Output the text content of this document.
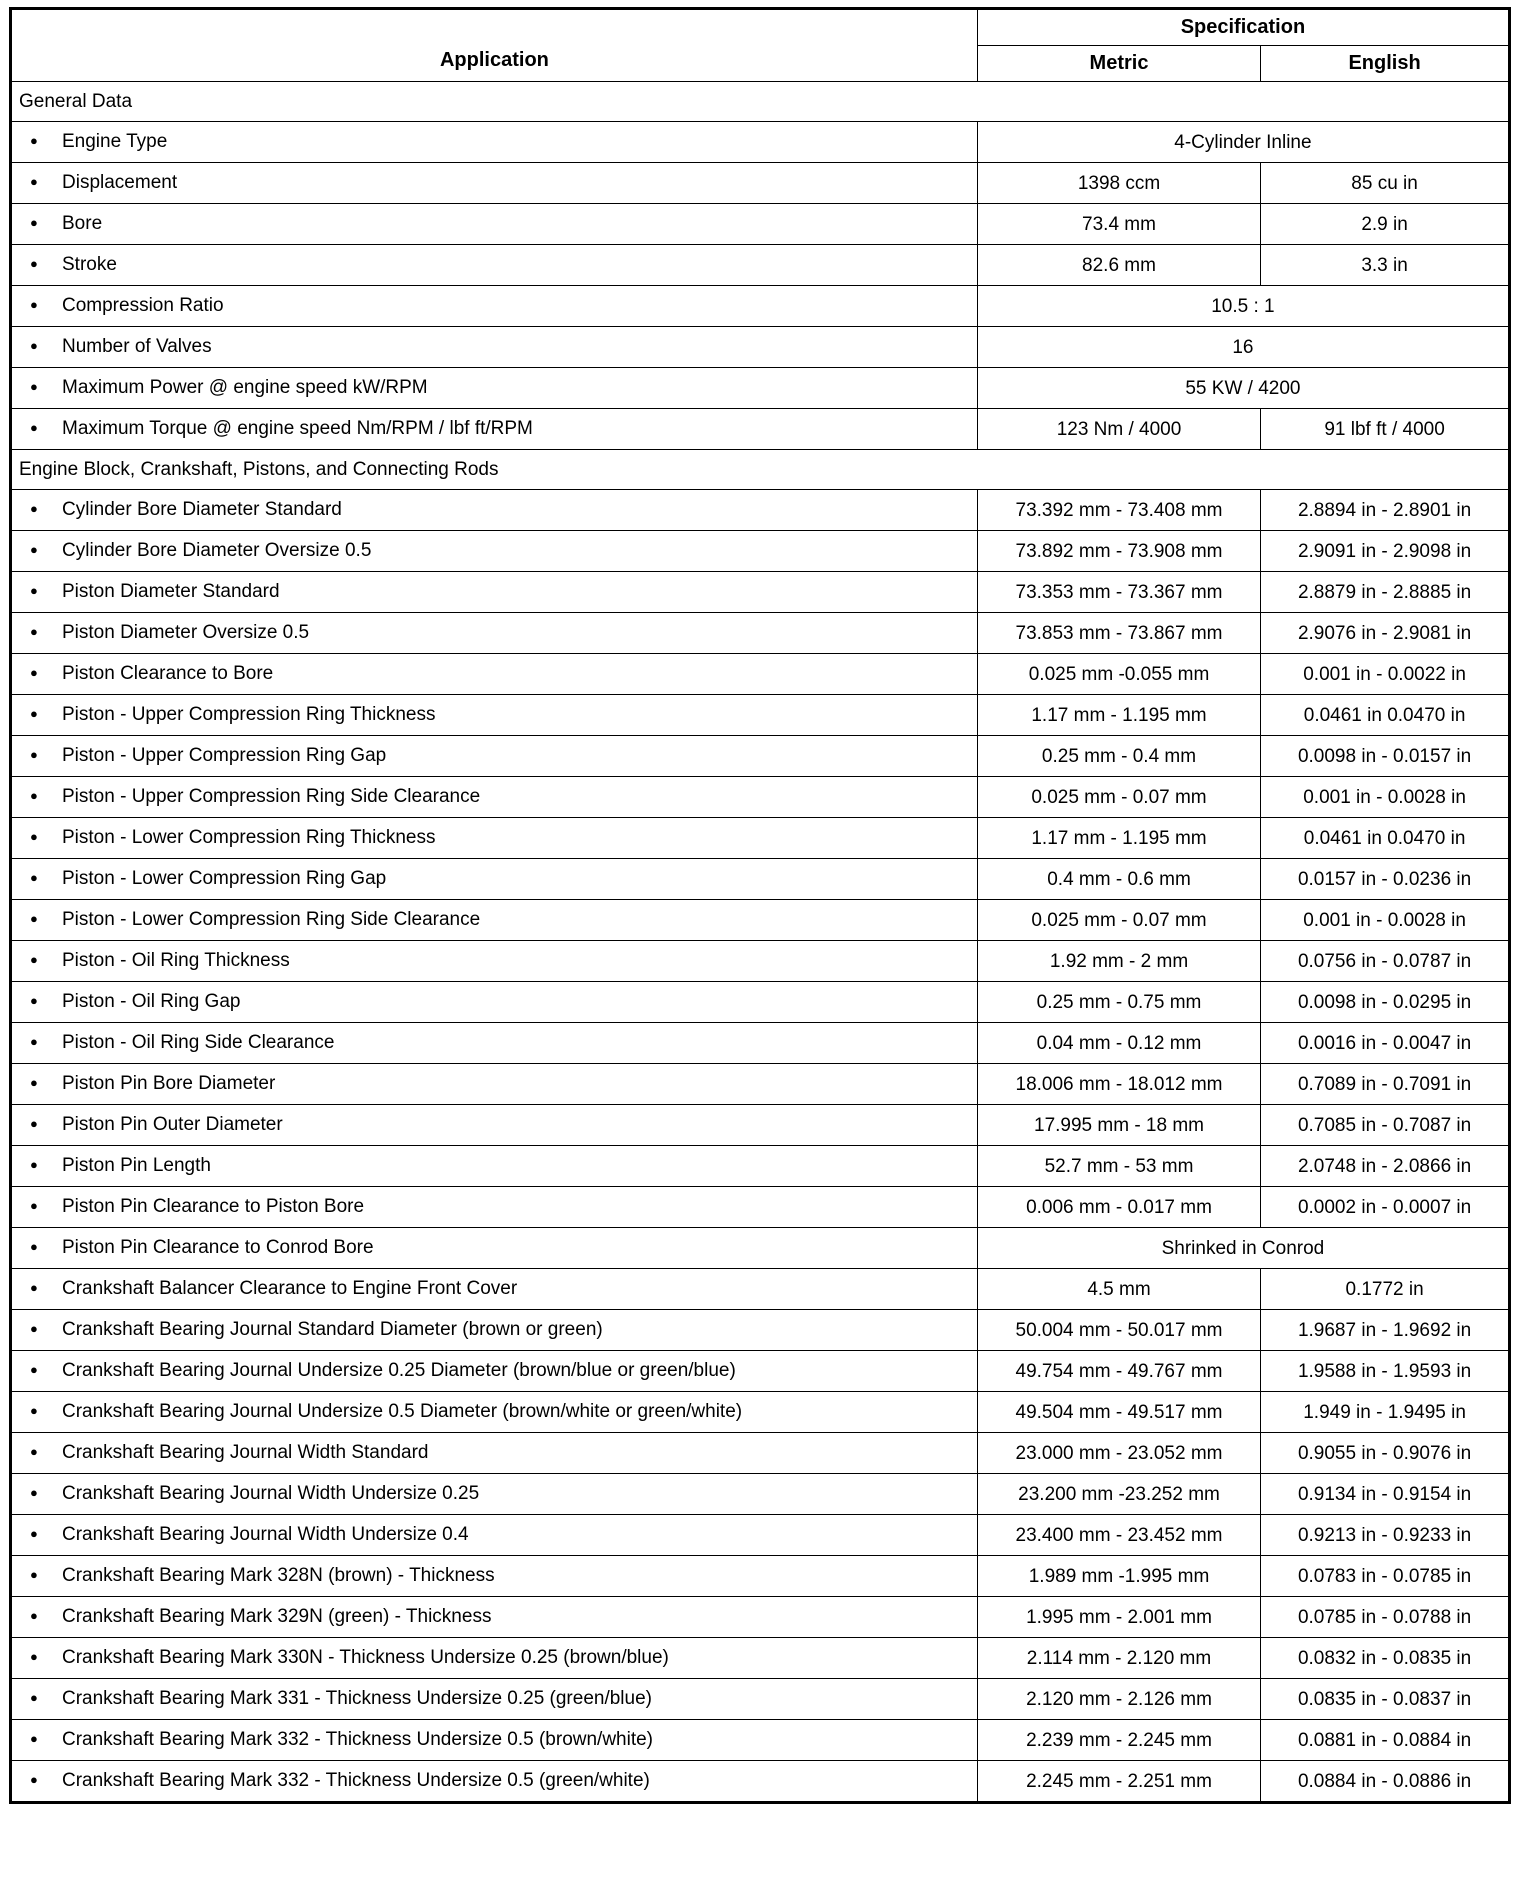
Application	Specification	
	Metric	English
General Data		
● Engine Type	4-Cylinder Inline	
● Displacement	1398 ccm	85 cu in
● Bore	73.4 mm	2.9 in
● Stroke	82.6 mm	3.3 in
● Compression Ratio	10.5 : 1	
● Number of Valves	16	
● Maximum Power @ engine speed kW/RPM	55 KW / 4200	
● Maximum Torque @ engine speed Nm/RPM / lbf ft/RPM	123 Nm / 4000	91 lbf ft / 4000
Engine Block, Crankshaft, Pistons, and Connecting Rods		
● Cylinder Bore Diameter Standard	73.392 mm - 73.408 mm	2.8894 in - 2.8901 in
● Cylinder Bore Diameter Oversize 0.5	73.892 mm - 73.908 mm	2.9091 in - 2.9098 in
● Piston Diameter Standard	73.353 mm - 73.367 mm	2.8879 in - 2.8885 in
● Piston Diameter Oversize 0.5	73.853 mm - 73.867 mm	2.9076 in - 2.9081 in
● Piston Clearance to Bore	0.025 mm -0.055 mm	0.001 in - 0.0022 in
● Piston - Upper Compression Ring Thickness	1.17 mm - 1.195 mm	0.0461 in 0.0470 in
● Piston - Upper Compression Ring Gap	0.25 mm - 0.4 mm	0.0098 in - 0.0157 in
● Piston - Upper Compression Ring Side Clearance	0.025 mm - 0.07 mm	0.001 in - 0.0028 in
● Piston - Lower Compression Ring Thickness	1.17 mm - 1.195 mm	0.0461 in 0.0470 in
● Piston - Lower Compression Ring Gap	0.4 mm - 0.6 mm	0.0157 in - 0.0236 in
● Piston - Lower Compression Ring Side Clearance	0.025 mm - 0.07 mm	0.001 in - 0.0028 in
● Piston - Oil Ring Thickness	1.92 mm - 2 mm	0.0756 in - 0.0787 in
● Piston - Oil Ring Gap	0.25 mm - 0.75 mm	0.0098 in - 0.0295 in
● Piston - Oil Ring Side Clearance	0.04 mm - 0.12 mm	0.0016 in - 0.0047 in
● Piston Pin Bore Diameter	18.006 mm - 18.012 mm	0.7089 in - 0.7091 in
● Piston Pin Outer Diameter	17.995 mm - 18 mm	0.7085 in - 0.7087 in
● Piston Pin Length	52.7 mm - 53 mm	2.0748 in - 2.0866 in
● Piston Pin Clearance to Piston Bore	0.006 mm - 0.017 mm	0.0002 in - 0.0007 in
● Piston Pin Clearance to Conrod Bore	Shrinked in Conrod	
● Crankshaft Balancer Clearance to Engine Front Cover	4.5 mm	0.1772 in
● Crankshaft Bearing Journal Standard Diameter (brown or green)	50.004 mm - 50.017 mm	1.9687 in - 1.9692 in
● Crankshaft Bearing Journal Undersize 0.25 Diameter (brown/blue or green/blue)	49.754 mm - 49.767 mm	1.9588 in - 1.9593 in
● Crankshaft Bearing Journal Undersize 0.5 Diameter (brown/white or green/white)	49.504 mm - 49.517 mm	1.949 in - 1.9495 in
● Crankshaft Bearing Journal Width Standard	23.000 mm - 23.052 mm	0.9055 in - 0.9076 in
● Crankshaft Bearing Journal Width Undersize 0.25	23.200 mm -23.252 mm	0.9134 in - 0.9154 in
● Crankshaft Bearing Journal Width Undersize 0.4	23.400 mm - 23.452 mm	0.9213 in - 0.9233 in
● Crankshaft Bearing Mark 328N (brown) - Thickness	1.989 mm -1.995 mm	0.0783 in - 0.0785 in
● Crankshaft Bearing Mark 329N (green) - Thickness	1.995 mm - 2.001 mm	0.0785 in - 0.0788 in
● Crankshaft Bearing Mark 330N - Thickness Undersize 0.25 (brown/blue)	2.114 mm - 2.120 mm	0.0832 in - 0.0835 in
● Crankshaft Bearing Mark 331 - Thickness Undersize 0.25 (green/blue)	2.120 mm - 2.126 mm	0.0835 in - 0.0837 in
● Crankshaft Bearing Mark 332 - Thickness Undersize 0.5 (brown/white)	2.239 mm - 2.245 mm	0.0881 in - 0.0884 in
● Crankshaft Bearing Mark 332 - Thickness Undersize 0.5 (green/white)	2.245 mm - 2.251 mm	0.0884 in - 0.0886 in
